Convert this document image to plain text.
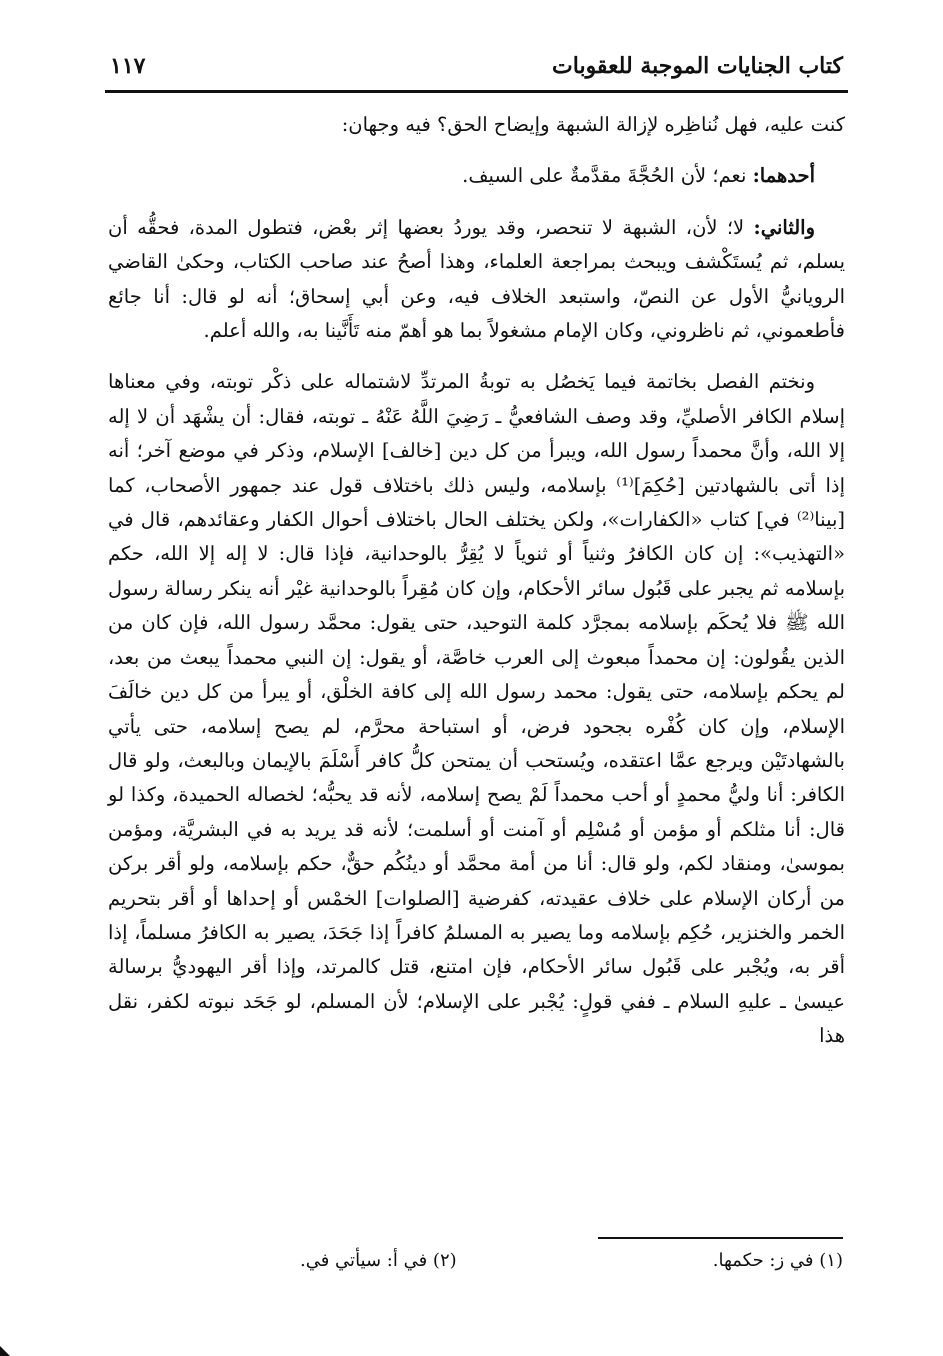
كتاب الجنايات الموجبة للعقوبات
١١٧

كنت عليه، فهل نُناظِره لإزالة الشبهة وإيضاح الحق؟ فيه وجهان:

أحدهما: نعم؛ لأن الحُجَّةَ مقدَّمةٌ على السيف.

والثاني: لا؛ لأن، الشبهة لا تنحصر، وقد يوردُ بعضها إثر بعْض، فتطول المدة، فحقُّه أن يسلم، ثم يُستَكْشف ويبحث بمراجعة العلماء، وهذا أصحُ عند صاحب الكتاب، وحكىٰ القاضي الرويانيُّ الأول عن النصّ، واستبعد الخلاف فيه، وعن أبي إسحاق؛ أنه لو قال: أنا جائع فأطعموني، ثم ناظروني، وكان الإمام مشغولاً بما هو أهمّ منه تَأَنَّينا به، والله أعلم.

ونختم الفصل بخاتمة فيما يَخصُل به توبةُ المرتدِّ لاشتماله على ذكْر توبته، وفي معناها إسلام الكافر الأصليِّ، وقد وصف الشافعيُّ ـ رَضِيَ اللَّهُ عَنْهُ ـ توبته، فقال: أن يشْهَد أن لا إله إلا الله، وأنَّ محمداً رسول الله، ويبرأ من كل دين [خالف] الإسلام، وذكر في موضع آخر؛ أنه إذا أتى بالشهادتين [حُكِمَ]⁽¹⁾ بإسلامه، وليس ذلك باختلاف قول عند جمهور الأصحاب، كما [بينا⁽²⁾ في] كتاب «الكفارات»، ولكن يختلف الحال باختلاف أحوال الكفار وعقائدهم، قال في «التهذيب»: إن كان الكافرُ وثنياً أو ثنوياً لا يُقِرُّ بالوحدانية، فإذا قال: لا إله إلا الله، حكم بإسلامه ثم يجبر على قَبُول سائر الأحكام، وإن كان مُقِراً بالوحدانية غيْر أنه ينكر رسالة رسول الله ﷺ فلا يُحكَم بإسلامه بمجرَّد كلمة التوحيد، حتى يقول: محمَّد رسول الله، فإن كان من الذين يقُولون: إن محمداً مبعوث إلى العرب خاصَّة، أو يقول: إن النبي محمداً يبعث من بعد، لم يحكم بإسلامه، حتى يقول: محمد رسول الله إلى كافة الخلْق، أو يبرأ من كل دين خالَفَ الإسلام، وإن كان كُفْره بجحود فرض، أو استباحة محرَّم، لم يصح إسلامه، حتى يأتي بالشهادتَيْن ويرجع عمَّا اعتقده، ويُستحب أن يمتحن كلُّ كافر أَسْلَمَ بالإيمان وبالبعث، ولو قال الكافر: أنا وليُّ محمدٍ أو أحب محمداً لَمْ يصح إسلامه، لأنه قد يحبُّه؛ لخصاله الحميدة، وكذا لو قال: أنا مثلكم أو مؤمن أو مُسْلِم أو آمنت أو أسلمت؛ لأنه قد يريد به في البشريَّة، ومؤمن بموسىٰ، ومنقاد لكم، ولو قال: أنا من أمة محمَّد أو دينُكُم حقٌّ، حكم بإسلامه، ولو أقر بركن من أركان الإسلام على خلاف عقيدته، كفرضية [الصلوات] الخمْس أو إحداها أو أقر بتحريم الخمر والخنزير، حُكِم بإسلامه وما يصير به المسلمُ كافراً إذا جَحَدَ، يصير به الكافرُ مسلماً، إذا أقر به، ويُجْبر على قَبُول سائر الأحكام، فإن امتنع، قتل كالمرتد، وإذا أقر اليهوديُّ برسالة عيسىٰ ـ عليهِ السلام ـ ففي قولٍ: يُجْبر على الإسلام؛ لأن المسلم، لو جَحَد نبوته لكفر، نقل هذا

(١) في ز: حكمها.
(٢) في أ: سيأتي في.
